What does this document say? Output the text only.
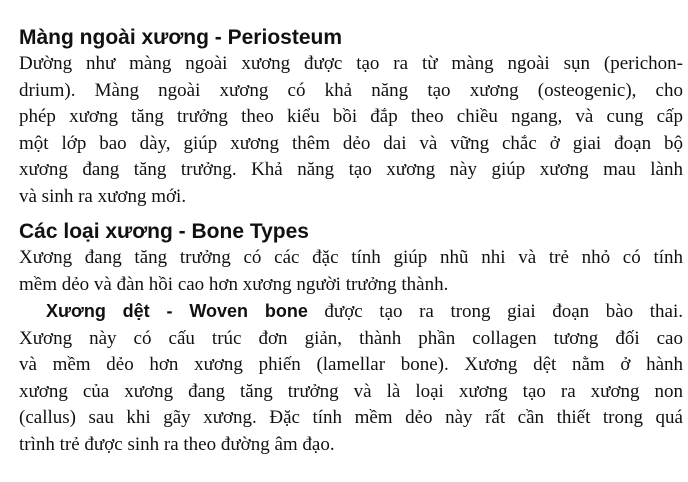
Màng ngoài xương - Periosteum

Dường như màng ngoài xương được tạo ra từ màng ngoài sụn (perichon-
drium). Màng ngoài xương có khả năng tạo xương (osteogenic), cho
phép xương tăng trưởng theo kiểu bồi đắp theo chiều ngang, và cung cấp
một lớp bao dày, giúp xương thêm dẻo dai và vững chắc ở giai đoạn bộ
xương đang tăng trưởng. Khả năng tạo xương này giúp xương mau lành
và sinh ra xương mới.

Các loại xương - Bone Types

Xương đang tăng trưởng có các đặc tính giúp nhũ nhi và trẻ nhỏ có tính
mềm dẻo và đàn hồi cao hơn xương người trưởng thành.

Xương dệt - Woven bone được tạo ra trong giai đoạn bào thai.
Xương này có cấu trúc đơn giản, thành phần collagen tương đối cao
và mềm dẻo hơn xương phiến (lamellar bone). Xương dệt nằm ở hành
xương của xương đang tăng trưởng và là loại xương tạo ra xương non
(callus) sau khi gãy xương. Đặc tính mềm dẻo này rất cần thiết trong quá
trình trẻ được sinh ra theo đường âm đạo.
